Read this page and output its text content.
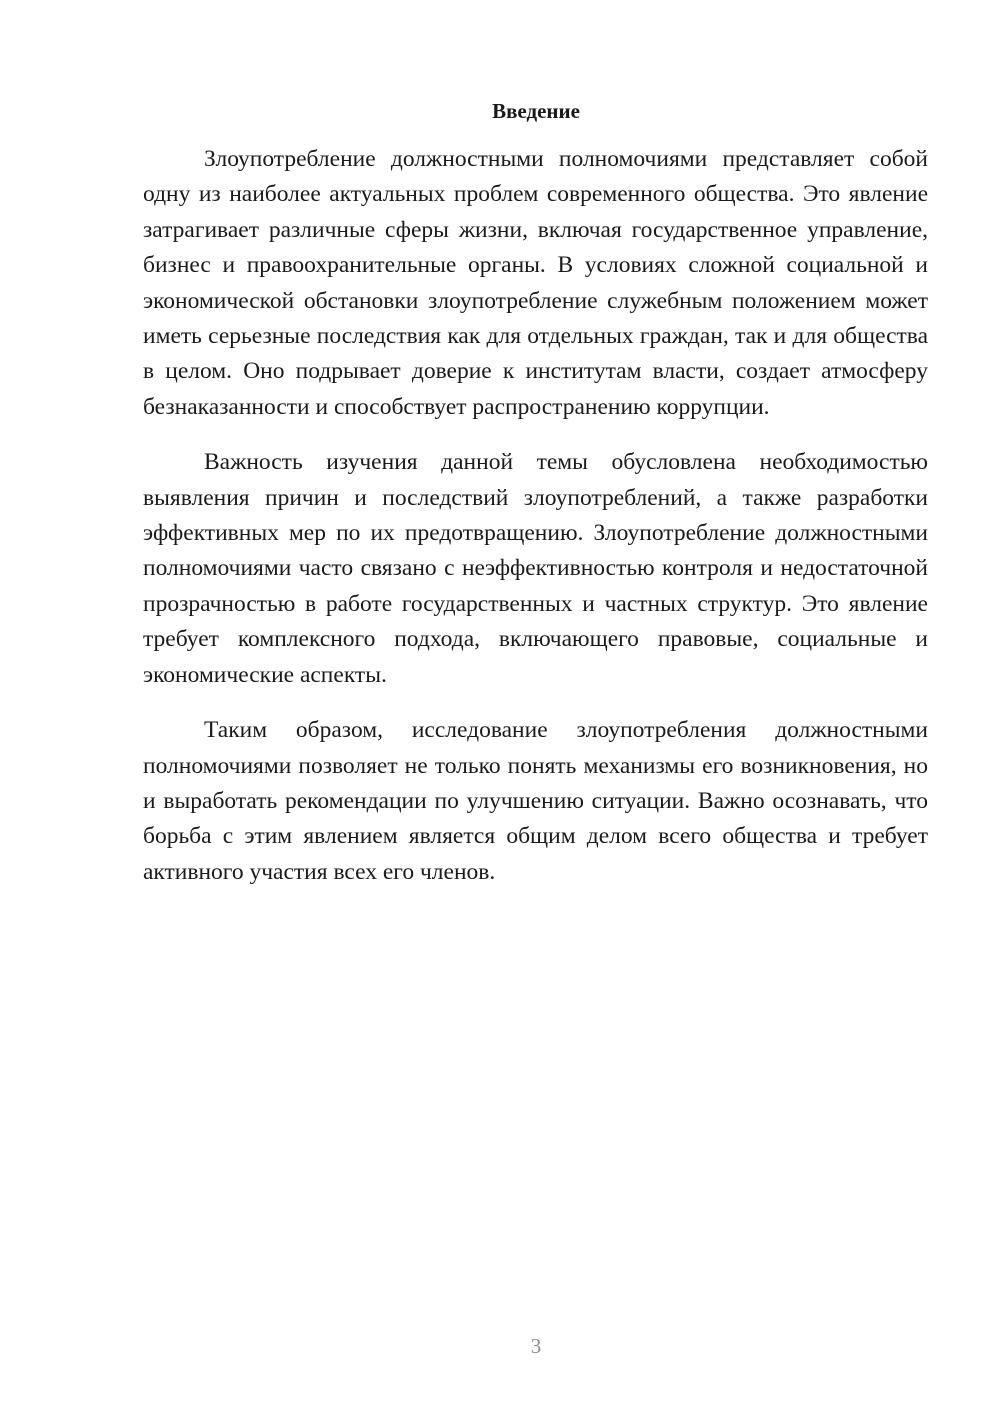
Введение

Злоупотребление должностными полномочиями представляет собой одну из наиболее актуальных проблем современного общества. Это явление затрагивает различные сферы жизни, включая государственное управление, бизнес и правоохранительные органы. В условиях сложной социальной и экономической обстановки злоупотребление служебным положением может иметь серьезные последствия как для отдельных граждан, так и для общества в целом. Оно подрывает доверие к институтам власти, создает атмосферу безнаказанности и способствует распространению коррупции.

Важность изучения данной темы обусловлена необходимостью выявления причин и последствий злоупотреблений, а также разработки эффективных мер по их предотвращению. Злоупотребление должностными полномочиями часто связано с неэффективностью контроля и недостаточной прозрачностью в работе государственных и частных структур. Это явление требует комплексного подхода, включающего правовые, социальные и экономические аспекты.

Таким образом, исследование злоупотребления должностными полномочиями позволяет не только понять механизмы его возникновения, но и выработать рекомендации по улучшению ситуации. Важно осознавать, что борьба с этим явлением является общим делом всего общества и требует активного участия всех его членов.

3
